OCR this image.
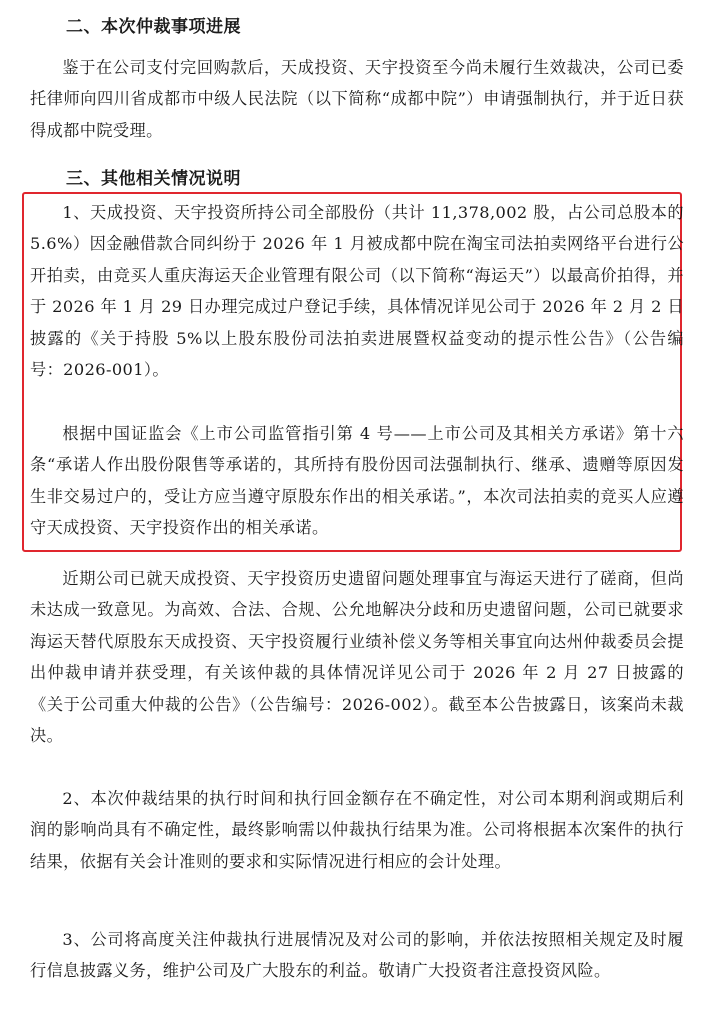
二、本次仲裁事项进展

鉴于在公司支付完回购款后，天成投资、天宇投资至今尚未履行生效裁决，公司已委托律师向四川省成都市中级人民法院（以下简称“成都中院”）申请强制执行，并于近日获得成都中院受理。

三、其他相关情况说明

1、天成投资、天宇投资所持公司全部股份（共计 11,378,002 股，占公司总股本的 5.6%）因金融借款合同纠纷于 2026 年 1 月被成都中院在淘宝司法拍卖网络平台进行公开拍卖，由竞买人重庆海运天企业管理有限公司（以下简称“海运天”）以最高价拍得，并于 2026 年 1 月 29 日办理完成过户登记手续，具体情况详见公司于 2026 年 2 月 2 日披露的《关于持股 5%以上股东股份司法拍卖进展暨权益变动的提示性公告》（公告编号：2026-001）。

根据中国证监会《上市公司监管指引第 4 号——上市公司及其相关方承诺》第十六条“承诺人作出股份限售等承诺的，其所持有股份因司法强制执行、继承、遗赠等原因发生非交易过户的，受让方应当遵守原股东作出的相关承诺。”，本次司法拍卖的竞买人应遵守天成投资、天宇投资作出的相关承诺。

近期公司已就天成投资、天宇投资历史遗留问题处理事宜与海运天进行了磋商，但尚未达成一致意见。为高效、合法、合规、公允地解决分歧和历史遗留问题，公司已就要求海运天替代原股东天成投资、天宇投资履行业绩补偿义务等相关事宜向达州仲裁委员会提出仲裁申请并获受理，有关该仲裁的具体情况详见公司于 2026 年 2 月 27 日披露的《关于公司重大仲裁的公告》（公告编号：2026-002）。截至本公告披露日，该案尚未裁决。

2、本次仲裁结果的执行时间和执行回金额存在不确定性，对公司本期利润或期后利润的影响尚具有不确定性，最终影响需以仲裁执行结果为准。公司将根据本次案件的执行结果，依据有关会计准则的要求和实际情况进行相应的会计处理。

3、公司将高度关注仲裁执行进展情况及对公司的影响，并依法按照相关规定及时履行信息披露义务，维护公司及广大股东的利益。敬请广大投资者注意投资风险。
